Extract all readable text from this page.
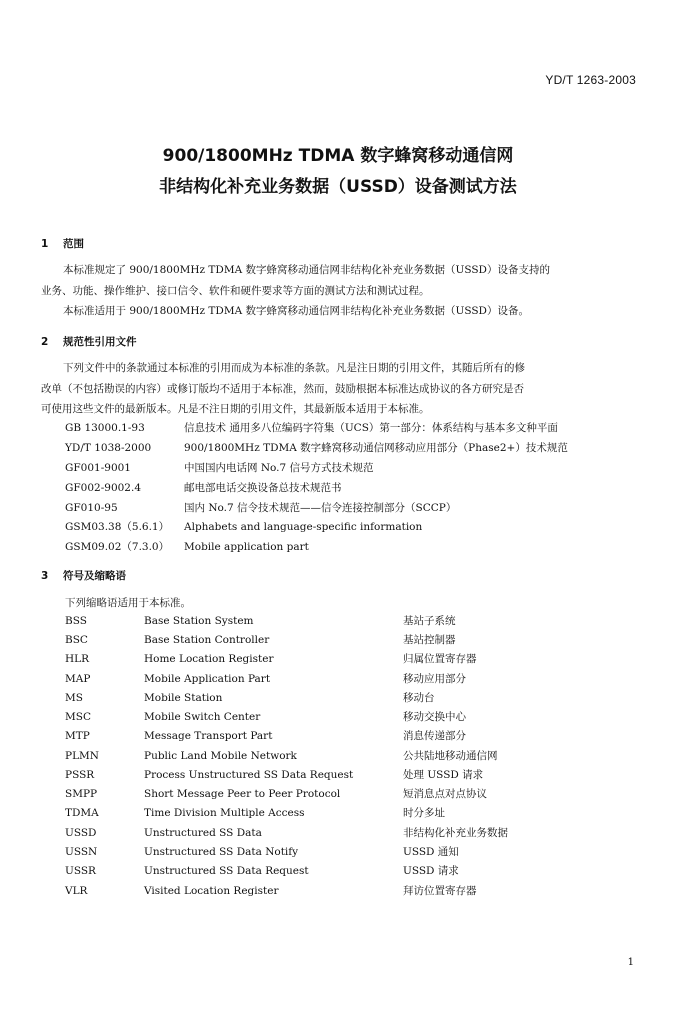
YD/T 1263-2003
900/1800MHz TDMA 数字蜂窝移动通信网
非结构化补充业务数据（USSD）设备测试方法
1 范围
本标准规定了 900/1800MHz TDMA 数字蜂窝移动通信网非结构化补充业务数据（USSD）设备支持的
业务、功能、操作维护、接口信令、软件和硬件要求等方面的测试方法和测试过程。
本标准适用于 900/1800MHz TDMA 数字蜂窝移动通信网非结构化补充业务数据（USSD）设备。
2 规范性引用文件
下列文件中的条款通过本标准的引用而成为本标准的条款。凡是注日期的引用文件，其随后所有的修
改单（不包括勘误的内容）或修订版均不适用于本标准，然而，鼓励根据本标准达成协议的各方研究是否
可使用这些文件的最新版本。凡是不注日期的引用文件，其最新版本适用于本标准。
GB 13000.1-93	信息技术 通用多八位编码字符集（UCS）第一部分：体系结构与基本多文种平面
YD/T 1038-2000	900/1800MHz TDMA 数字蜂窝移动通信网移动应用部分（Phase2+）技术规范
GF001-9001	中国国内电话网 No.7 信号方式技术规范
GF002-9002.4	邮电部电话交换设备总技术规范书
GF010-95	国内 No.7 信令技术规范——信令连接控制部分（SCCP）
GSM03.38（5.6.1） Alphabets and language-specific information
GSM09.02（7.3.0） Mobile application part
3 符号及缩略语
下列缩略语适用于本标准。
BSS	Base Station System	基站子系统
BSC	Base Station Controller	基站控制器
HLR	Home Location Register	归属位置寄存器
MAP	Mobile Application Part	移动应用部分
MS	Mobile Station	移动台
MSC	Mobile Switch Center	移动交换中心
MTP	Message Transport Part	消息传递部分
PLMN	Public Land Mobile Network	公共陆地移动通信网
PSSR	Process Unstructured SS Data Request	处理 USSD 请求
SMPP	Short Message Peer to Peer Protocol	短消息点对点协议
TDMA	Time Division Multiple Access	时分多址
USSD	Unstructured SS Data	非结构化补充业务数据
USSN	Unstructured SS Data Notify	USSD 通知
USSR	Unstructured SS Data Request	USSD 请求
VLR	Visited Location Register	拜访位置寄存器
1
